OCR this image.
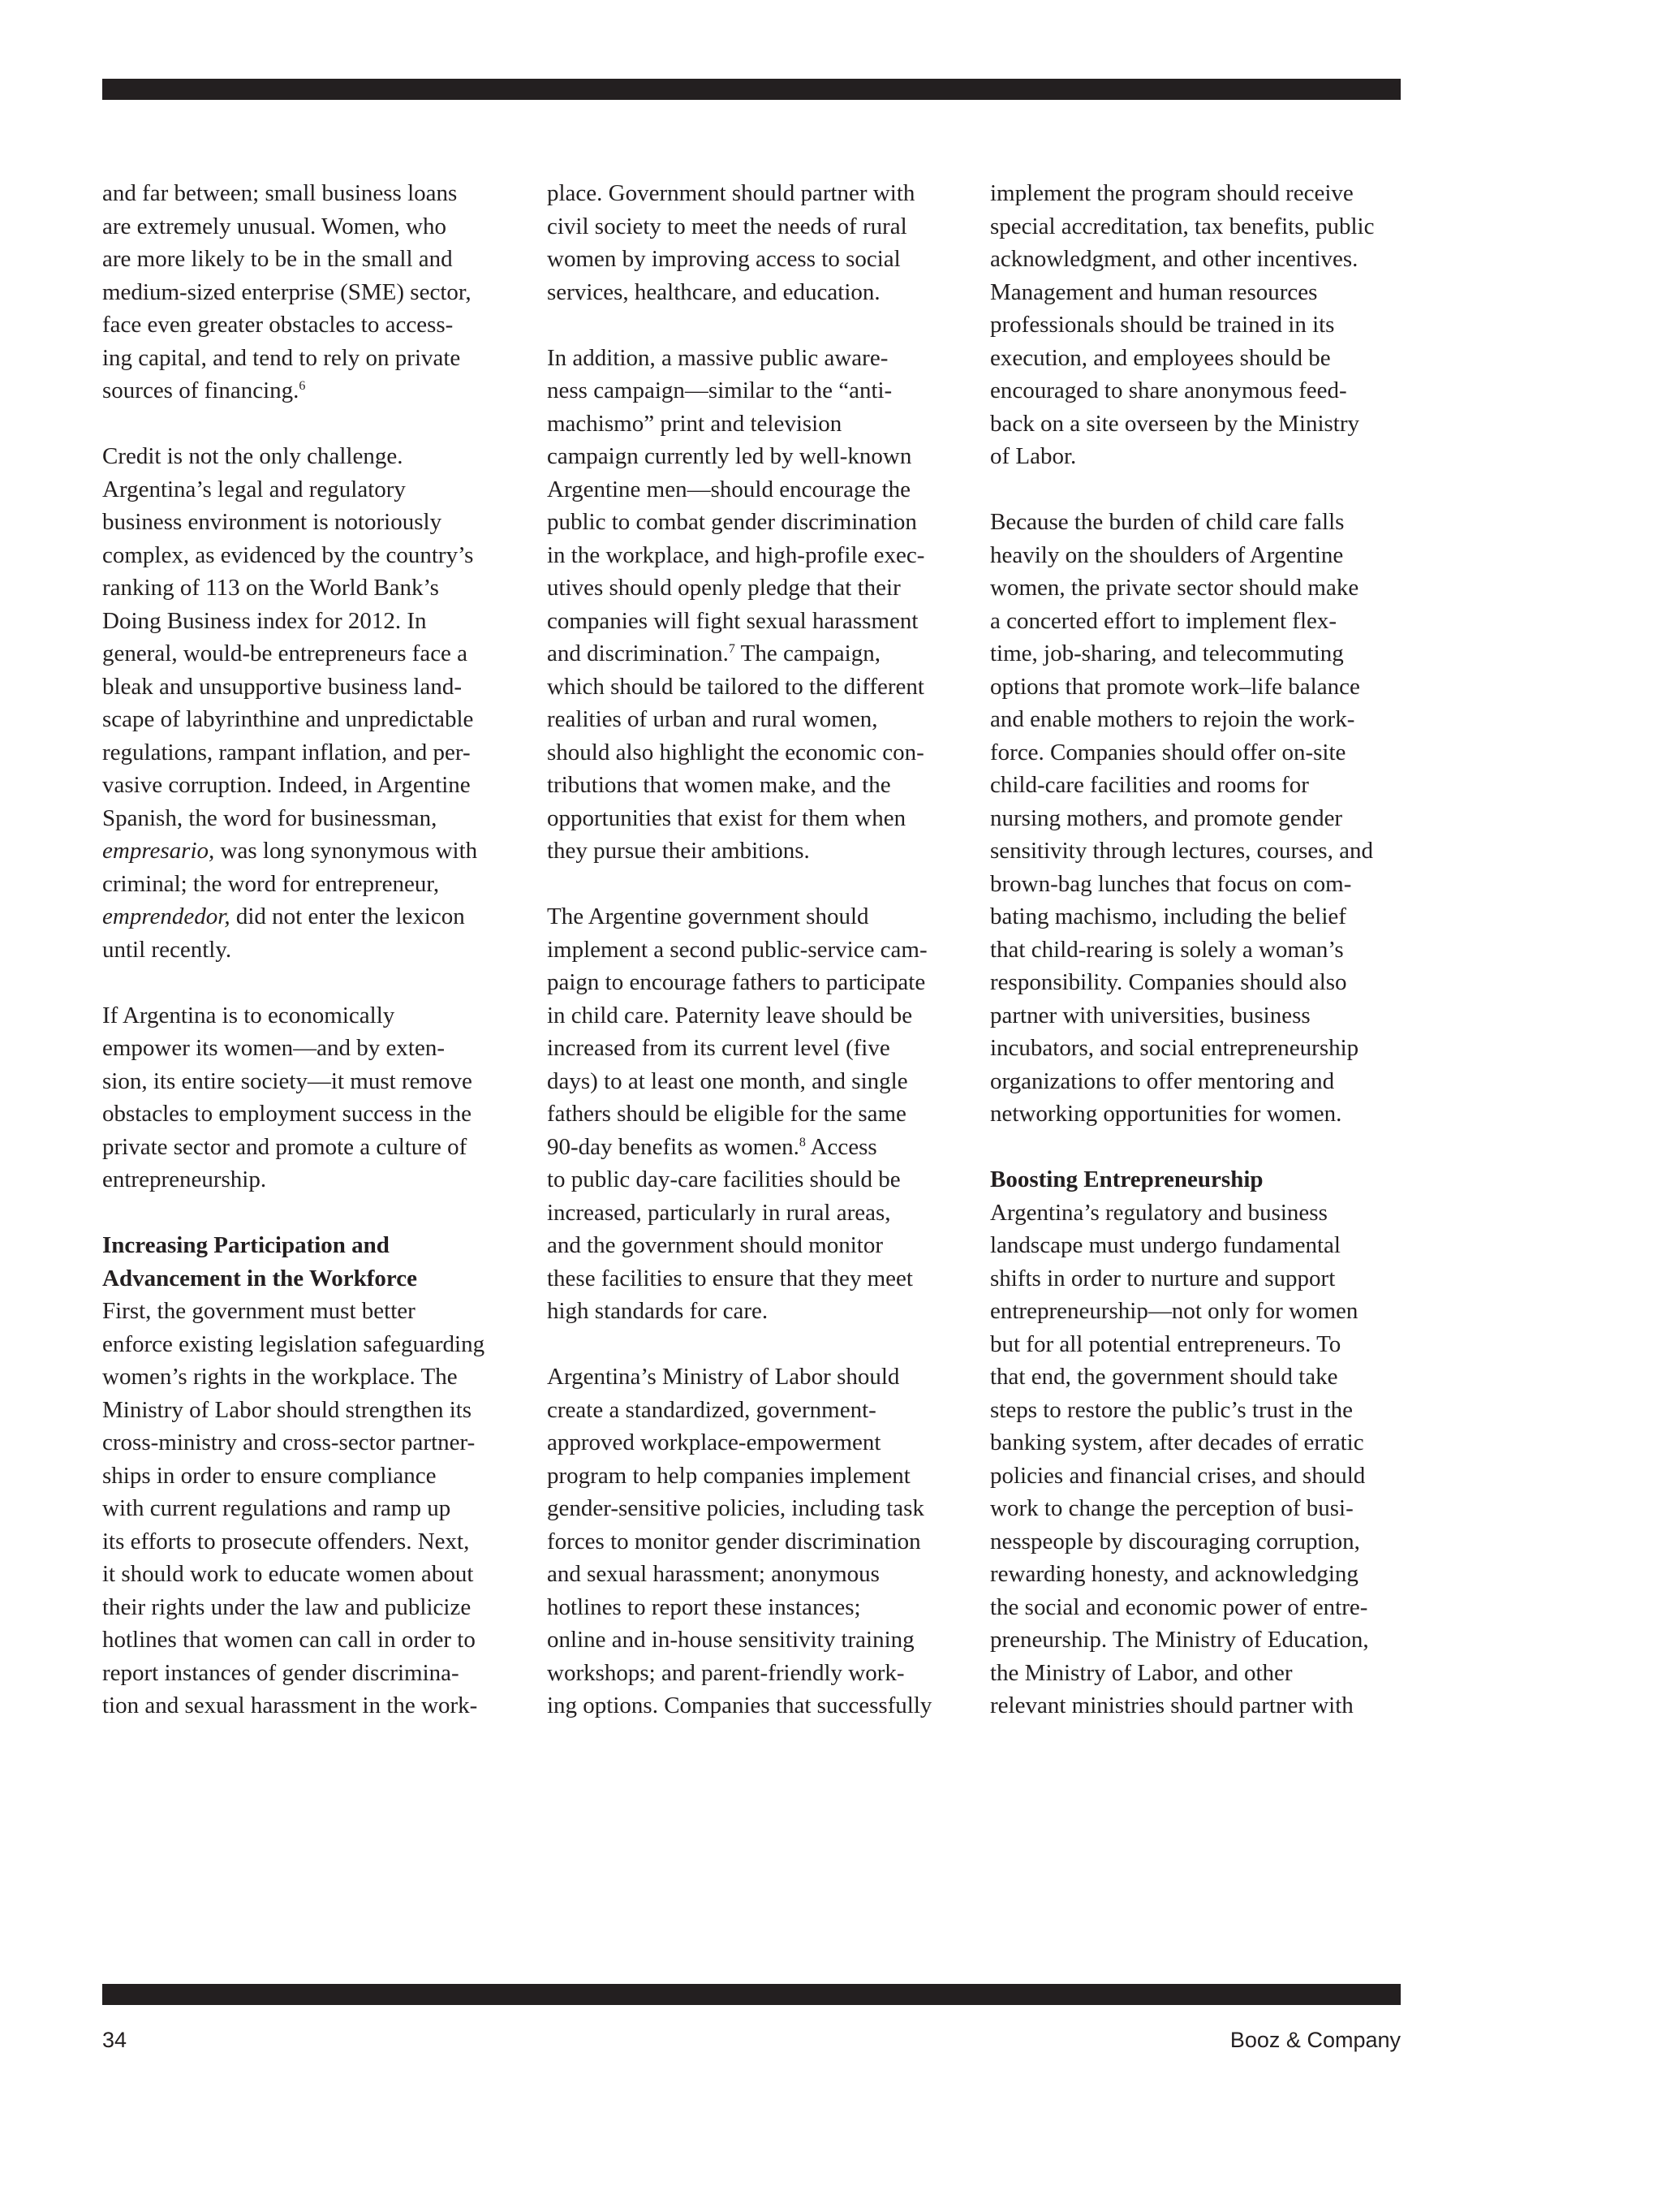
and far between; small business loans
are extremely unusual. Women, who
are more likely to be in the small and
medium-sized enterprise (SME) sector,
face even greater obstacles to access-
ing capital, and tend to rely on private
sources of financing.$^6$
Credit is not the only challenge.
Argentina’s legal and regulatory
business environment is notoriously
complex, as evidenced by the country’s
ranking of 113 on the World Bank’s
Doing Business index for 2012. In
general, would-be entrepreneurs face a
bleak and unsupportive business land-
scape of labyrinthine and unpredictable
regulations, rampant inflation, and per-
vasive corruption. Indeed, in Argentine
Spanish, the word for businessman,
empresario, was long synonymous with
criminal; the word for entrepreneur,
emprendedor, did not enter the lexicon
until recently.
If Argentina is to economically
empower its women—and by exten-
sion, its entire society—it must remove
obstacles to employment success in the
private sector and promote a culture of
entrepreneurship.
Increasing Participation and
Advancement in the Workforce
First, the government must better
enforce existing legislation safeguarding
women’s rights in the workplace. The
Ministry of Labor should strengthen its
cross-ministry and cross-sector partner-
ships in order to ensure compliance
with current regulations and ramp up
its efforts to prosecute offenders. Next,
it should work to educate women about
their rights under the law and publicize
hotlines that women can call in order to
report instances of gender discrimina-
tion and sexual harassment in the work-
place. Government should partner with
civil society to meet the needs of rural
women by improving access to social
services, healthcare, and education.
In addition, a massive public aware-
ness campaign—similar to the “anti-
machismo” print and television
campaign currently led by well-known
Argentine men—should encourage the
public to combat gender discrimination
in the workplace, and high-profile exec-
utives should openly pledge that their
companies will fight sexual harassment
and discrimination.$^7$ The campaign,
which should be tailored to the different
realities of urban and rural women,
should also highlight the economic con-
tributions that women make, and the
opportunities that exist for them when
they pursue their ambitions.
The Argentine government should
implement a second public-service cam-
paign to encourage fathers to participate
in child care. Paternity leave should be
increased from its current level (five
days) to at least one month, and single
fathers should be eligible for the same
90-day benefits as women.$^8$ Access
to public day-care facilities should be
increased, particularly in rural areas,
and the government should monitor
these facilities to ensure that they meet
high standards for care.
Argentina’s Ministry of Labor should
create a standardized, government-
approved workplace-empowerment
program to help companies implement
gender-sensitive policies, including task
forces to monitor gender discrimination
and sexual harassment; anonymous
hotlines to report these instances;
online and in-house sensitivity training
workshops; and parent-friendly work-
ing options. Companies that successfully
implement the program should receive
special accreditation, tax benefits, public
acknowledgment, and other incentives.
Management and human resources
professionals should be trained in its
execution, and employees should be
encouraged to share anonymous feed-
back on a site overseen by the Ministry
of Labor.
Because the burden of child care falls
heavily on the shoulders of Argentine
women, the private sector should make
a concerted effort to implement flex-
time, job-sharing, and telecommuting
options that promote work–life balance
and enable mothers to rejoin the work-
force. Companies should offer on-site
child-care facilities and rooms for
nursing mothers, and promote gender
sensitivity through lectures, courses, and
brown-bag lunches that focus on com-
bating machismo, including the belief
that child-rearing is solely a woman’s
responsibility. Companies should also
partner with universities, business
incubators, and social entrepreneurship
organizations to offer mentoring and
networking opportunities for women.
Boosting Entrepreneurship
Argentina’s regulatory and business
landscape must undergo fundamental
shifts in order to nurture and support
entrepreneurship—not only for women
but for all potential entrepreneurs. To
that end, the government should take
steps to restore the public’s trust in the
banking system, after decades of erratic
policies and financial crises, and should
work to change the perception of busi-
nesspeople by discouraging corruption,
rewarding honesty, and acknowledging
the social and economic power of entre-
preneurship. The Ministry of Education,
the Ministry of Labor, and other
relevant ministries should partner with
34	Booz & Company
